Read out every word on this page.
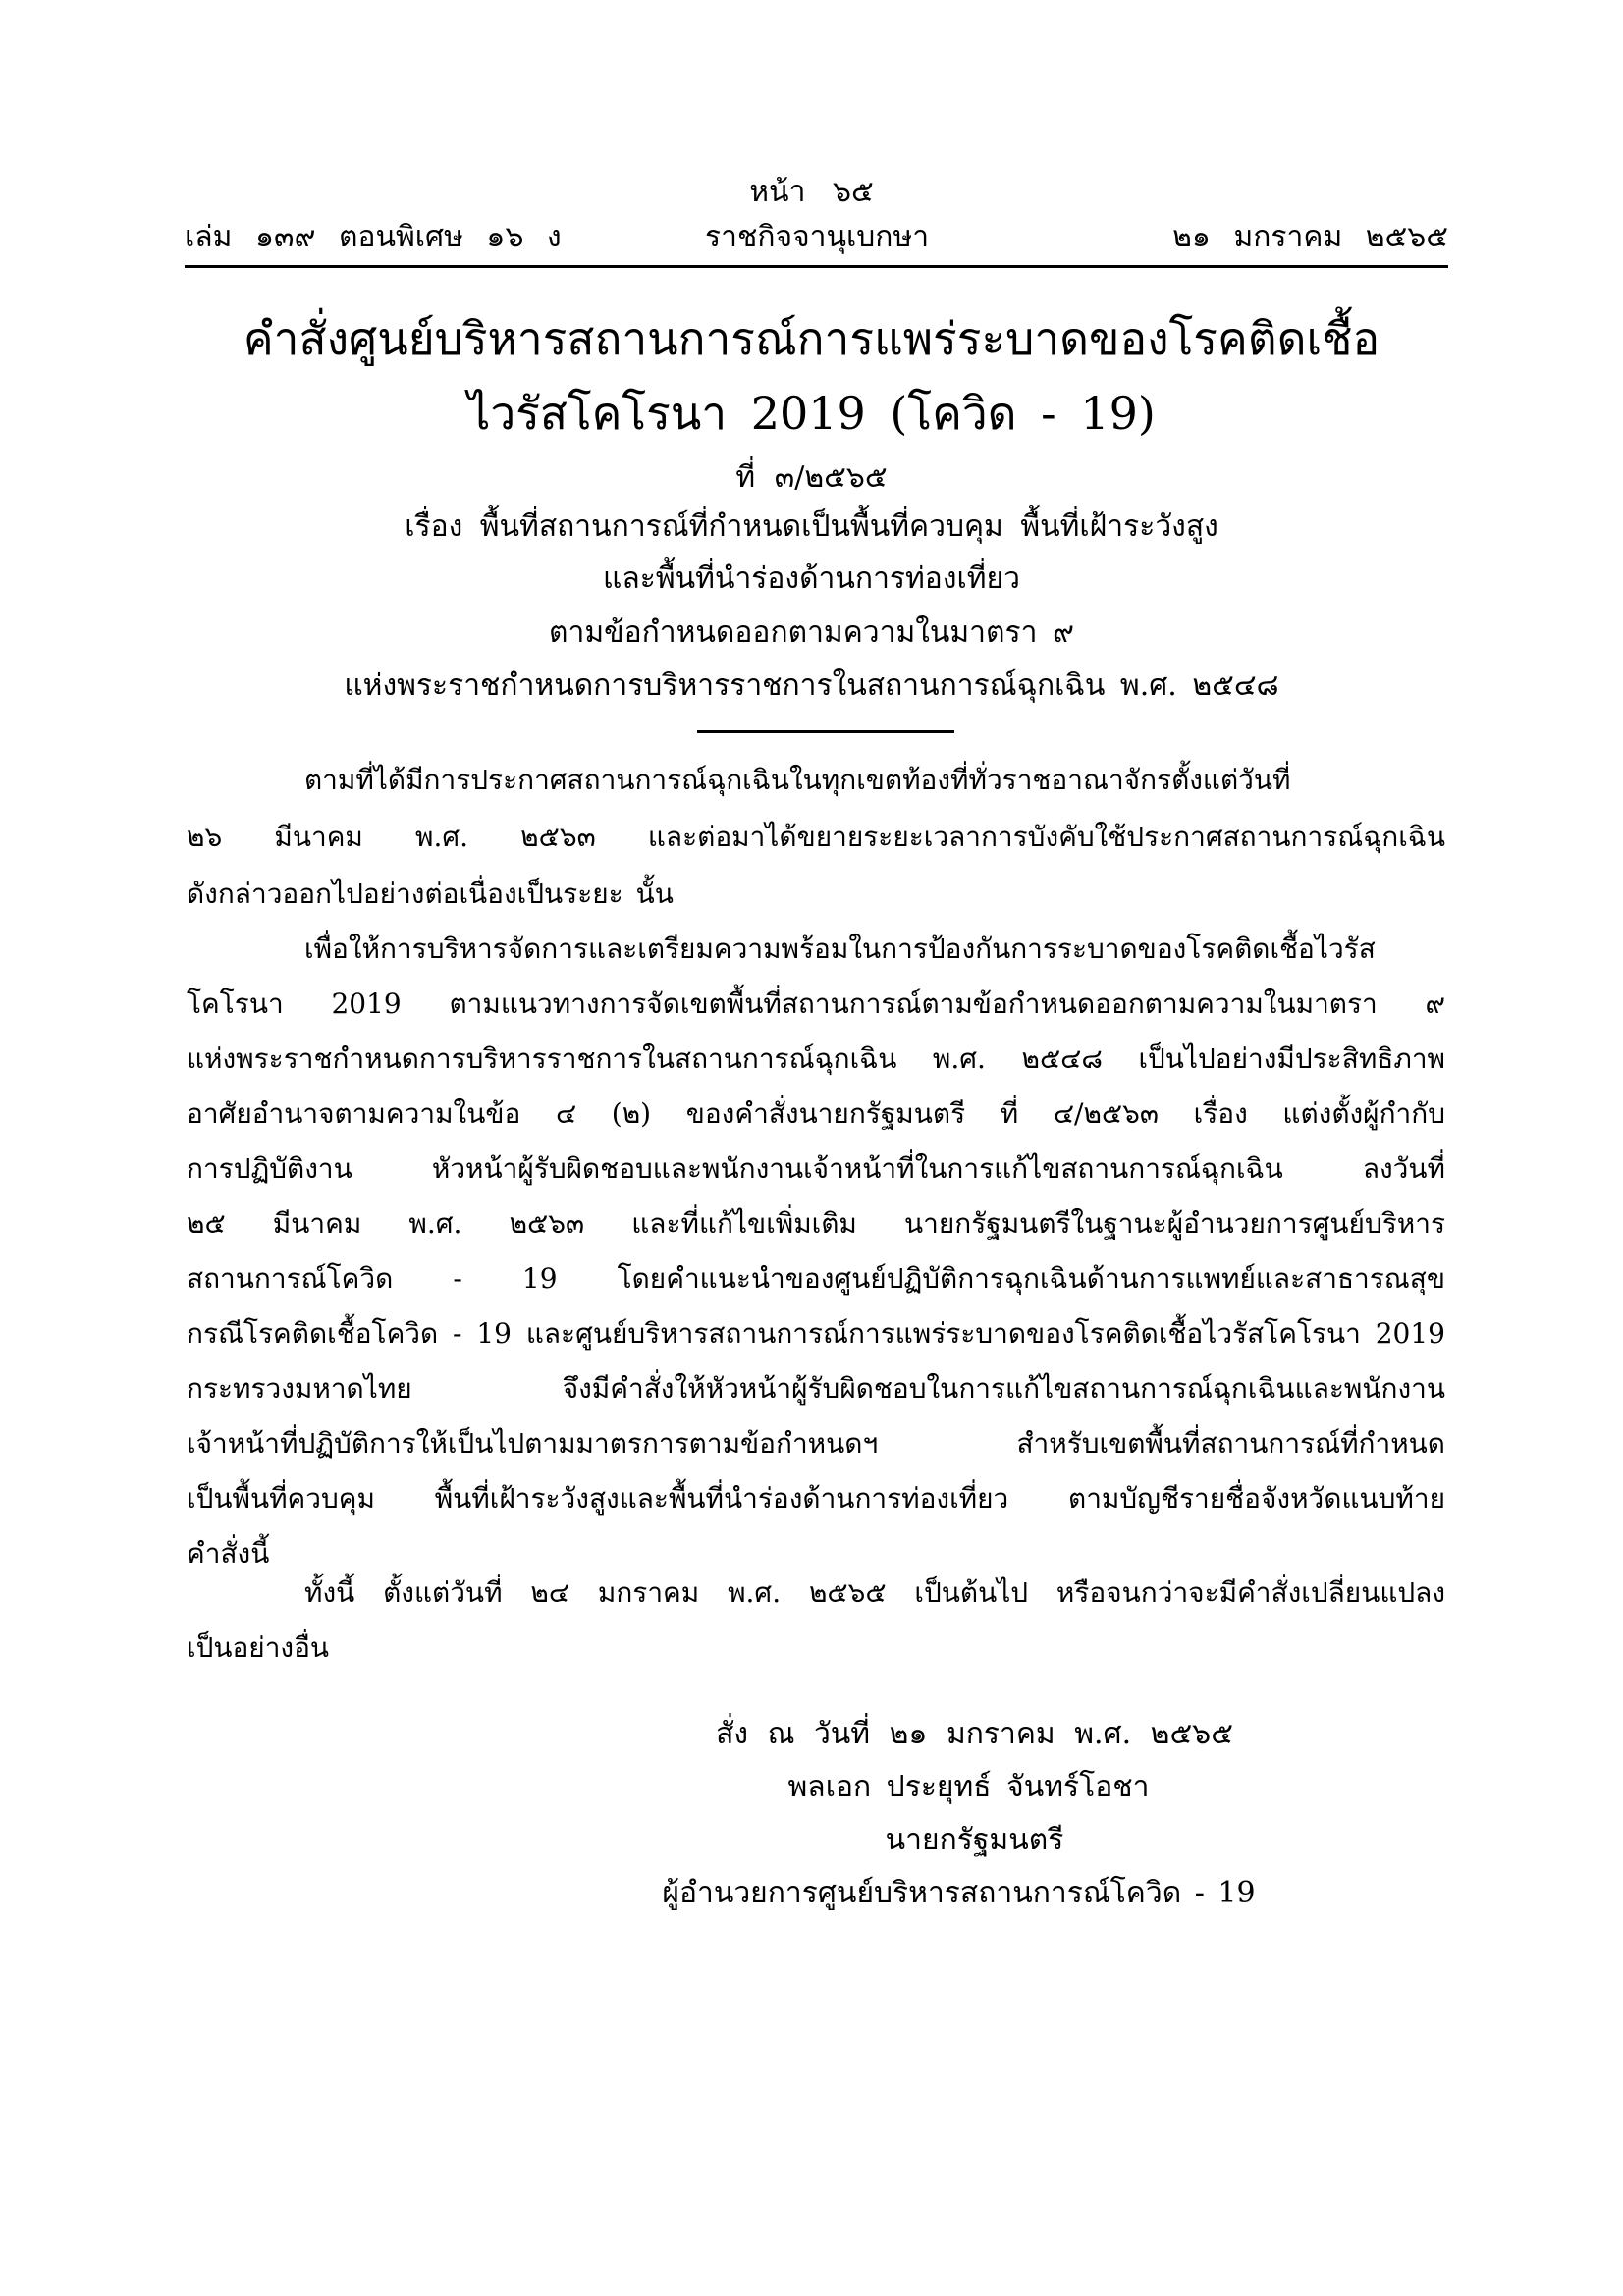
หน้า ๖๕
เล่ม ๑๓๙ ตอนพิเศษ ๑๖ ง	ราชกิจจานุเบกษา	๒๑ มกราคม ๒๕๖๕
คำสั่งศูนย์บริหารสถานการณ์การแพร่ระบาดของโรคติดเชื้อ
ไวรัสโคโรนา 2019 (โควิด - 19)
ที่ ๓/๒๕๖๕
เรื่อง พื้นที่สถานการณ์ที่กำหนดเป็นพื้นที่ควบคุม พื้นที่เฝ้าระวังสูง
และพื้นที่นำร่องด้านการท่องเที่ยว
ตามข้อกำหนดออกตามความในมาตรา ๙
แห่งพระราชกำหนดการบริหารราชการในสถานการณ์ฉุกเฉิน พ.ศ. ๒๕๔๘
ตามที่ได้มีการประกาศสถานการณ์ฉุกเฉินในทุกเขตท้องที่ทั่วราชอาณาจักรตั้งแต่วันที่
๒๖ มีนาคม พ.ศ. ๒๕๖๓ และต่อมาได้ขยายระยะเวลาการบังคับใช้ประกาศสถานการณ์ฉุกเฉิน
ดังกล่าวออกไปอย่างต่อเนื่องเป็นระยะ นั้น
เพื่อให้การบริหารจัดการและเตรียมความพร้อมในการป้องกันการระบาดของโรคติดเชื้อไวรัส
โคโรนา 2019 ตามแนวทางการจัดเขตพื้นที่สถานการณ์ตามข้อกำหนดออกตามความในมาตรา ๙
แห่งพระราชกำหนดการบริหารราชการในสถานการณ์ฉุกเฉิน พ.ศ. ๒๕๔๘ เป็นไปอย่างมีประสิทธิภาพ
อาศัยอำนาจตามความในข้อ ๔ (๒) ของคำสั่งนายกรัฐมนตรี ที่ ๔/๒๕๖๓ เรื่อง แต่งตั้งผู้กำกับ
การปฏิบัติงาน หัวหน้าผู้รับผิดชอบและพนักงานเจ้าหน้าที่ในการแก้ไขสถานการณ์ฉุกเฉิน ลงวันที่
๒๕ มีนาคม พ.ศ. ๒๕๖๓ และที่แก้ไขเพิ่มเติม นายกรัฐมนตรีในฐานะผู้อำนวยการศูนย์บริหาร
สถานการณ์โควิด - 19 โดยคำแนะนำของศูนย์ปฏิบัติการฉุกเฉินด้านการแพทย์และสาธารณสุข
กรณีโรคติดเชื้อโควิด - 19 และศูนย์บริหารสถานการณ์การแพร่ระบาดของโรคติดเชื้อไวรัสโคโรนา 2019
กระทรวงมหาดไทย จึงมีคำสั่งให้หัวหน้าผู้รับผิดชอบในการแก้ไขสถานการณ์ฉุกเฉินและพนักงาน
เจ้าหน้าที่ปฏิบัติการให้เป็นไปตามมาตรการตามข้อกำหนดฯ สำหรับเขตพื้นที่สถานการณ์ที่กำหนด
เป็นพื้นที่ควบคุม พื้นที่เฝ้าระวังสูงและพื้นที่นำร่องด้านการท่องเที่ยว ตามบัญชีรายชื่อจังหวัดแนบท้าย
คำสั่งนี้
ทั้งนี้ ตั้งแต่วันที่ ๒๔ มกราคม พ.ศ. ๒๕๖๕ เป็นต้นไป หรือจนกว่าจะมีคำสั่งเปลี่ยนแปลง
เป็นอย่างอื่น
สั่ง ณ วันที่ ๒๑ มกราคม พ.ศ. ๒๕๖๕
พลเอก ประยุทธ์ จันทร์โอชา
นายกรัฐมนตรี
ผู้อำนวยการศูนย์บริหารสถานการณ์โควิด - 19
